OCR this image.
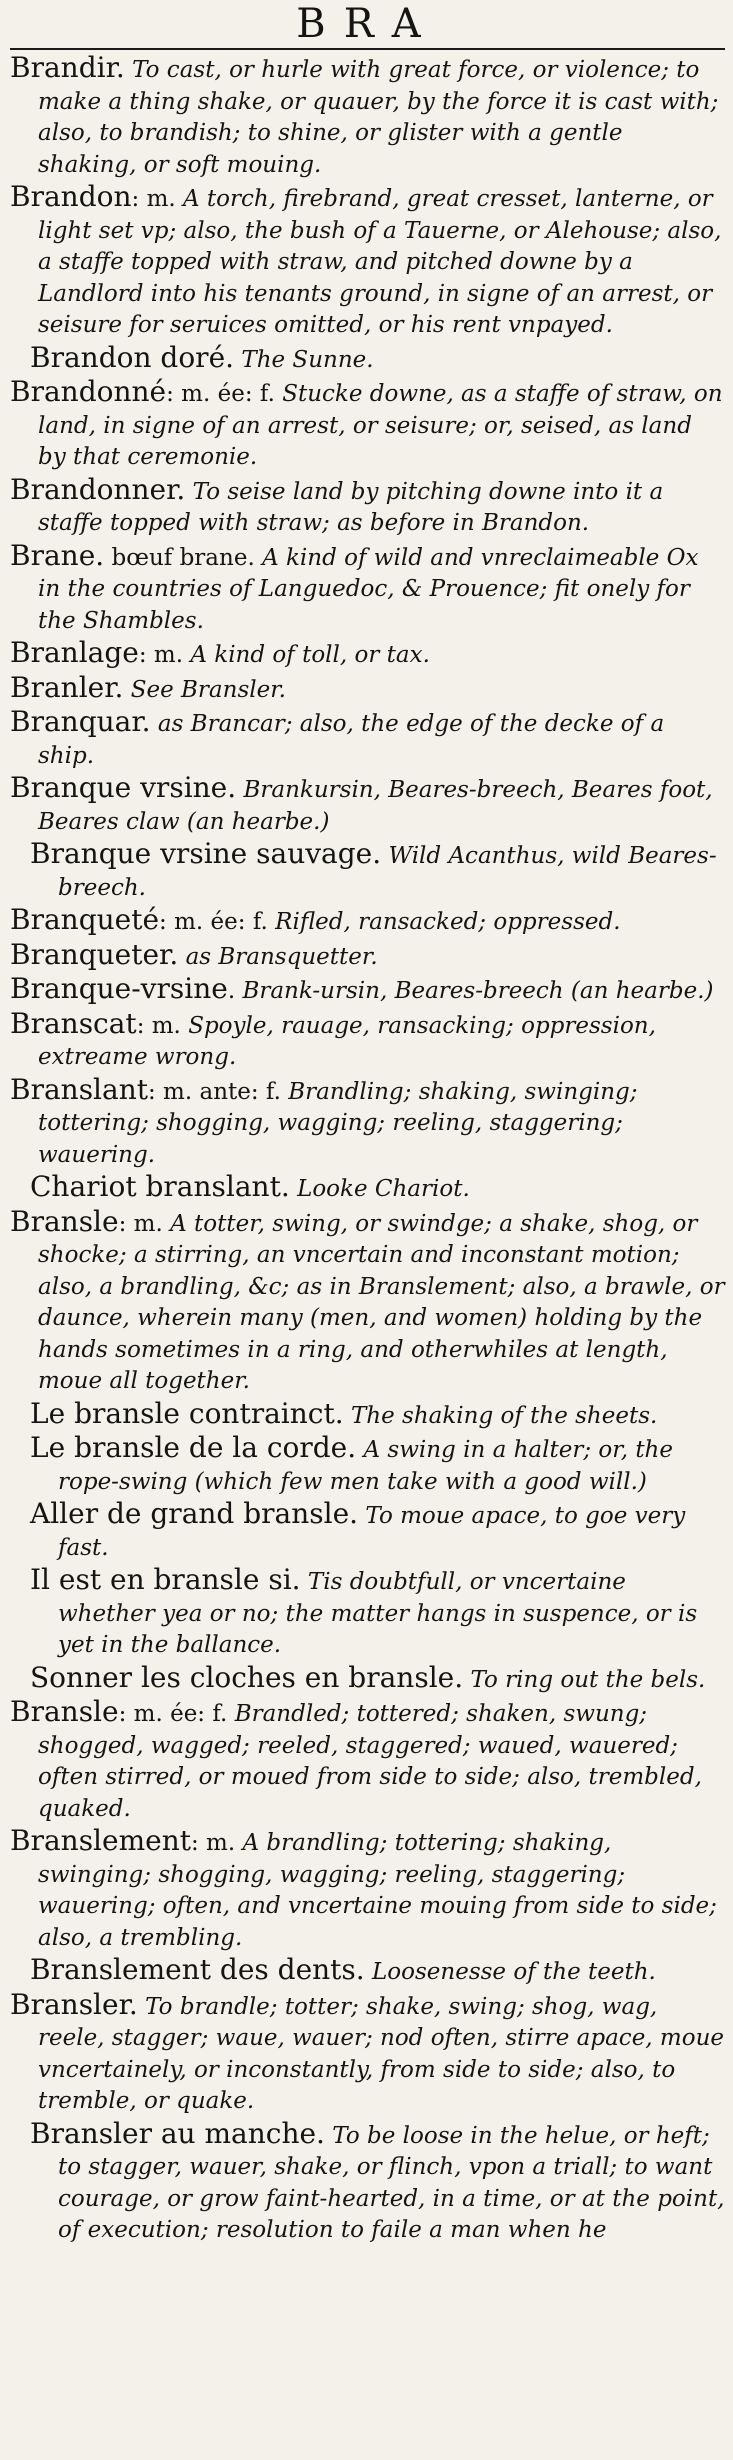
BRA

Brandir. To cast, or hurle with great force, or violence; to make a thing shake, or quauer, by the force it is cast with; also, to brandish; to shine, or glister with a gentle shaking, or soft mouing.

Brandon: m. A torch, firebrand, great cresset, lanterne, or light set vp; also, the bush of a Tauerne, or Alehouse; also, a staffe topped with straw, and pitched downe by a Landlord into his tenants ground, in signe of an arrest, or seisure for seruices omitted, or his rent vnpayed.

Brandon doré. The Sunne.

Brandonné: m. ée: f. Stucke downe, as a staffe of straw, on land, in signe of an arrest, or seisure; or, seised, as land by that ceremonie.

Brandonner. To seise land by pitching downe into it a staffe topped with straw; as before in Brandon.

Brane. bœuf brane. A kind of wild and vnreclaimeable Ox in the countries of Languedoc, & Prouence; fit onely for the Shambles.

Branlage: m. A kind of toll, or tax.

Branler. See Bransler.

Branquar. as Brancar; also, the edge of the decke of a ship.

Branque vrsine. Brankursin, Beares-breech, Beares foot, Beares claw (an hearbe.)

Branque vrsine sauvage. Wild Acanthus, wild Beares-breech.

Branqueté: m. ée: f. Rifled, ransacked; oppressed.

Branqueter. as Bransquetter.

Branque-vrsine. Brank-ursin, Beares-breech (an hearbe.)

Branscat: m. Spoyle, rauage, ransacking; oppression, extreame wrong.

Branslant: m. ante: f. Brandling; shaking, swinging; tottering; shogging, wagging; reeling, staggering; wauering.

Chariot branslant. Looke Chariot.

Bransle: m. A totter, swing, or swindge; a shake, shog, or shocke; a stirring, an vncertain and inconstant motion; also, a brandling, &c; as in Branslement; also, a brawle, or daunce, wherein many (men, and women) holding by the hands sometimes in a ring, and otherwhiles at length, moue all together.

Le bransle contrainct. The shaking of the sheets.

Le bransle de la corde. A swing in a halter; or, the rope-swing (which few men take with a good will.)

Aller de grand bransle. To moue apace, to goe very fast.

Il est en bransle si. Tis doubtfull, or vncertaine whether yea or no; the matter hangs in suspence, or is yet in the ballance.

Sonner les cloches en bransle. To ring out the bels.

Bransle: m. ée: f. Brandled; tottered; shaken, swung; shogged, wagged; reeled, staggered; waued, wauered; often stirred, or moued from side to side; also, trembled, quaked.

Branslement: m. A brandling; tottering; shaking, swinging; shogging, wagging; reeling, staggering; wauering; often, and vncertaine mouing from side to side; also, a trembling.

Branslement des dents. Loosenesse of the teeth.

Bransler. To brandle; totter; shake, swing; shog, wag, reele, stagger; waue, wauer; nod often, stirre apace, moue vncertainely, or inconstantly, from side to side; also, to tremble, or quake.

Bransler au manche. To be loose in the helue, or heft; to stagger, wauer, shake, or flinch, vpon a triall; to want courage, or grow faint-hearted, in a time, or at the point, of execution; resolution to faile a man when he
